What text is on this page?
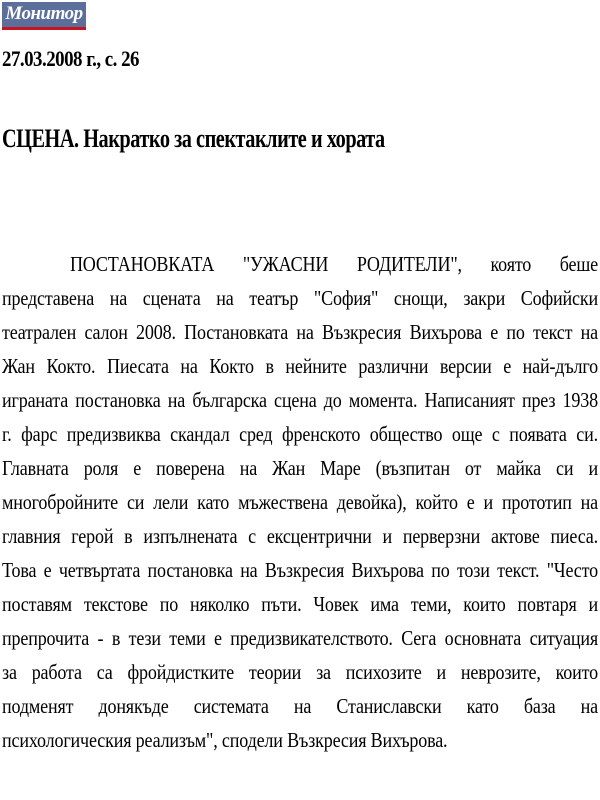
Монитор
27.03.2008 г., с. 26
СЦЕНА. Накратко за спектаклите и хората
ПОСТАНОВКАТА "УЖАСНИ РОДИТЕЛИ", която беше
представена на сцената на театър "София" снощи, закри Софийски
театрален салон 2008. Постановката на Възкресия Вихърова е по текст на
Жан Кокто. Пиесата на Кокто в нейните различни версии е най-дълго
играната постановка на българска сцена до момента. Написаният през 1938
г. фарс предизвиква скандал сред френското общество още с появата си.
Главната роля е поверена на Жан Маре (възпитан от майка си и
многобройните си лели като мъжествена девойка), който е и прототип на
главния герой в изпълнената с ексцентрични и перверзни актове пиеса.
Това е четвъртата постановка на Възкресия Вихърова по този текст. "Често
поставям текстове по няколко пъти. Човек има теми, които повтаря и
препрочита - в тези теми е предизвикателството. Сега основната ситуация
за работа са фройдистките теории за психозите и неврозите, които
подменят донякъде системата на Станиславски като база на
психологическия реализъм", сподели Възкресия Вихърова.
